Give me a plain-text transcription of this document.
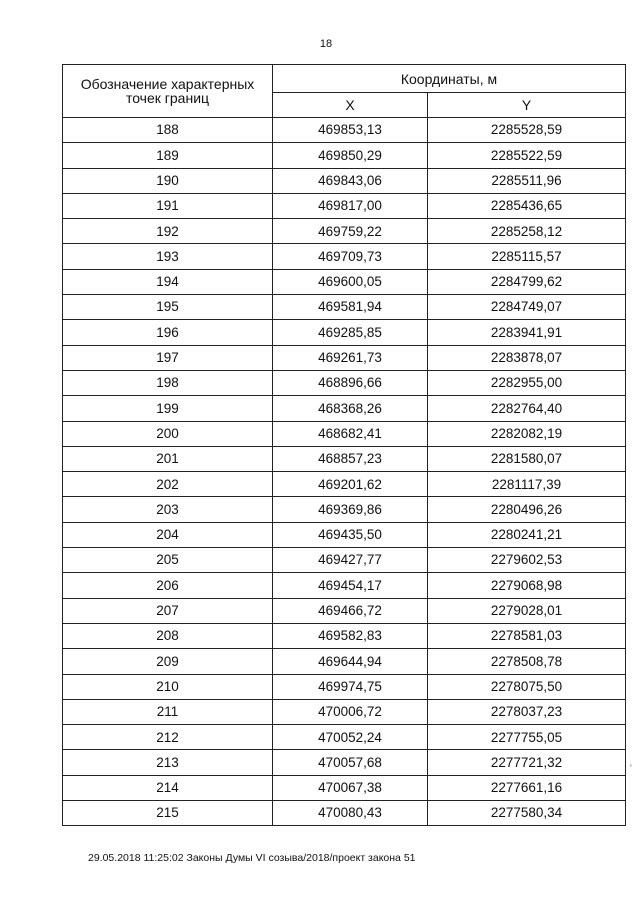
18
Обозначение характерных точек границ	Координаты, м	
	X	Y
188	469853,13	2285528,59
189	469850,29	2285522,59
190	469843,06	2285511,96
191	469817,00	2285436,65
192	469759,22	2285258,12
193	469709,73	2285115,57
194	469600,05	2284799,62
195	469581,94	2284749,07
196	469285,85	2283941,91
197	469261,73	2283878,07
198	468896,66	2282955,00
199	468368,26	2282764,40
200	468682,41	2282082,19
201	468857,23	2281580,07
202	469201,62	2281117,39
203	469369,86	2280496,26
204	469435,50	2280241,21
205	469427,77	2279602,53
206	469454,17	2279068,98
207	469466,72	2279028,01
208	469582,83	2278581,03
209	469644,94	2278508,78
210	469974,75	2278075,50
211	470006,72	2278037,23
212	470052,24	2277755,05
213	470057,68	2277721,32
214	470067,38	2277661,16
215	470080,43	2277580,34
'
29.05.2018 11:25:02 Законы Думы VI созыва/2018/проект закона 51
